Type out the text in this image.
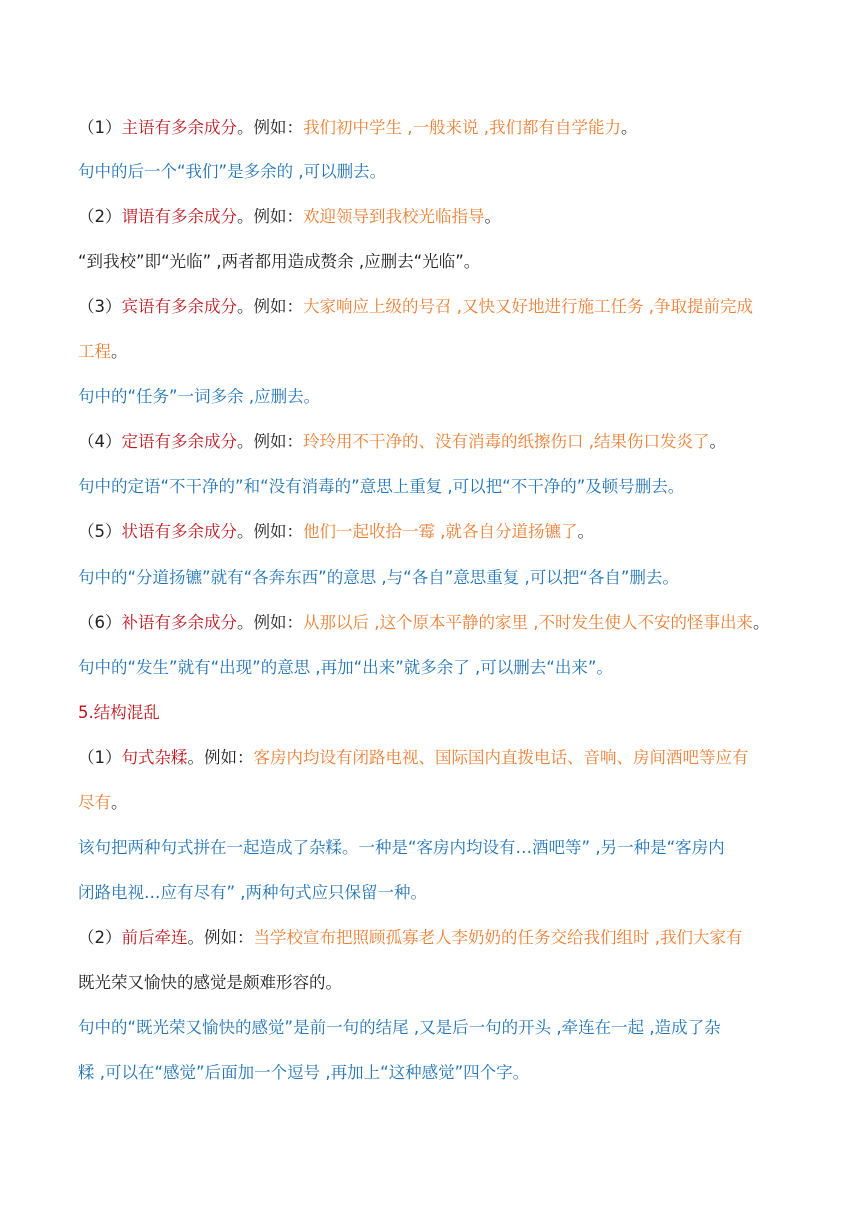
（1）主语有多余成分。例如：我们初中学生 ,一般来说 ,我们都有自学能力。
句中的后一个“我们”是多余的 ,可以删去。
（2）谓语有多余成分。例如：欢迎领导到我校光临指导。
“到我校”即“光临” ,两者都用造成赘余 ,应删去“光临”。
（3）宾语有多余成分。例如：大家响应上级的号召 ,又快又好地进行施工任务 ,争取提前完成
工程。
句中的“任务”一词多余 ,应删去。
（4）定语有多余成分。例如：玲玲用不干净的、没有消毒的纸擦伤口 ,结果伤口发炎了。
句中的定语“不干净的”和“没有消毒的”意思上重复 ,可以把“不干净的”及顿号删去。
（5）状语有多余成分。例如：他们一起收拾一霉 ,就各自分道扬镳了。
句中的“分道扬镳”就有“各奔东西”的意思 ,与“各自”意思重复 ,可以把“各自”删去。
（6）补语有多余成分。例如：从那以后 ,这个原本平静的家里 ,不时发生使人不安的怪事出来。
句中的“发生”就有“出现”的意思 ,再加“出来”就多余了 ,可以删去“出来”。
5.结构混乱
（1）句式杂糅。例如：客房内均设有闭路电视、国际国内直拨电话、音响、房间酒吧等应有
尽有。
该句把两种句式拼在一起造成了杂糅。一种是“客房内均设有…酒吧等” ,另一种是“客房内
闭路电视…应有尽有” ,两种句式应只保留一种。
（2）前后牵连。例如：当学校宣布把照顾孤寡老人李奶奶的任务交给我们组时 ,我们大家有
既光荣又愉快的感觉是颇难形容的。
句中的“既光荣又愉快的感觉”是前一句的结尾 ,又是后一句的开头 ,牵连在一起 ,造成了杂
糅 ,可以在“感觉”后面加一个逗号 ,再加上“这种感觉”四个字。
